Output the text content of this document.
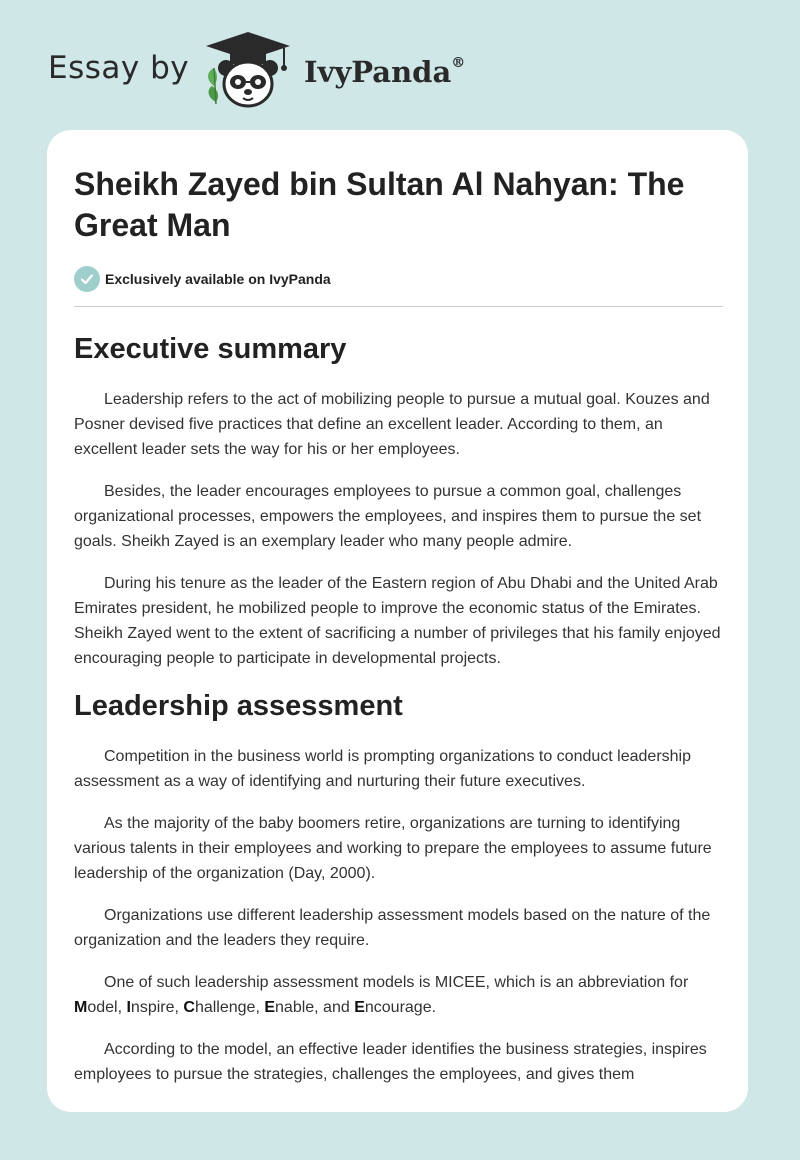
Essay by	IvyPanda®
Sheikh Zayed bin Sultan Al Nahyan: The Great Man
Exclusively available on IvyPanda
Executive summary

Leadership refers to the act of mobilizing people to pursue a mutual goal. Kouzes and Posner devised five practices that define an excellent leader. According to them, an excellent leader sets the way for his or her employees.

Besides, the leader encourages employees to pursue a common goal, challenges organizational processes, empowers the employees, and inspires them to pursue the set goals. Sheikh Zayed is an exemplary leader who many people admire.

During his tenure as the leader of the Eastern region of Abu Dhabi and the United Arab Emirates president, he mobilized people to improve the economic status of the Emirates. Sheikh Zayed went to the extent of sacrificing a number of privileges that his family enjoyed encouraging people to participate in developmental projects.

Leadership assessment

Competition in the business world is prompting organizations to conduct leadership assessment as a way of identifying and nurturing their future executives.

As the majority of the baby boomers retire, organizations are turning to identifying various talents in their employees and working to prepare the employees to assume future leadership of the organization (Day, 2000).

Organizations use different leadership assessment models based on the nature of the organization and the leaders they require.

One of such leadership assessment models is MICEE, which is an abbreviation for Model, Inspire, Challenge, Enable, and Encourage.

According to the model, an effective leader identifies the business strategies, inspires employees to pursue the strategies, challenges the employees, and gives them
